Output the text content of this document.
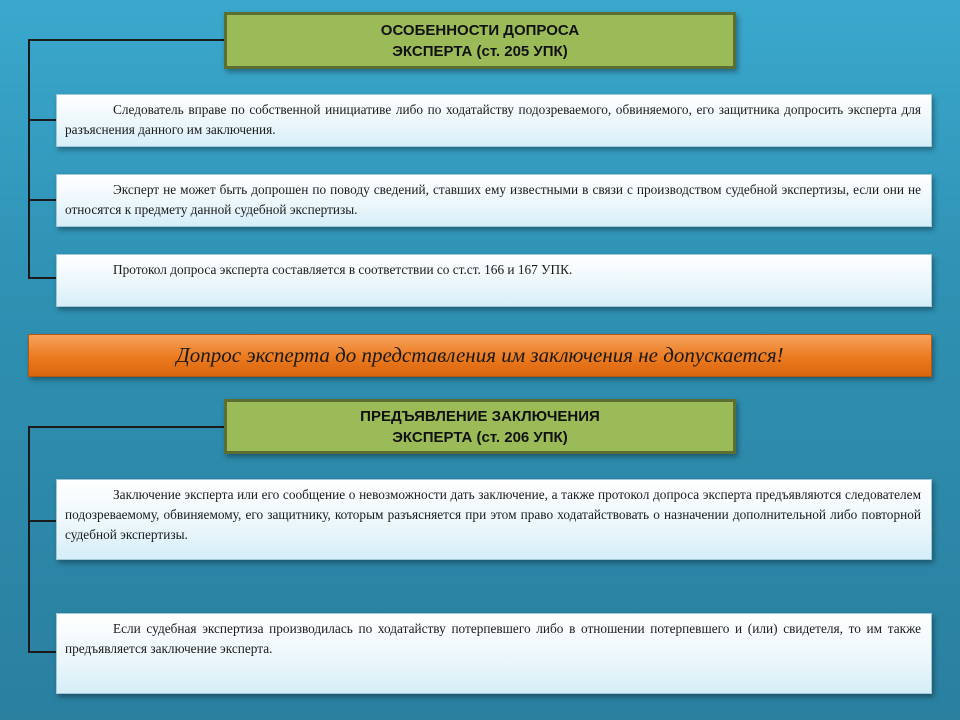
ОСОБЕННОСТИ ДОПРОСА
ЭКСПЕРТА (ст. 205 УПК)
Следователь вправе по собственной инициативе либо по ходатайству подозреваемого, обвиняемого, его защитника допросить эксперта для разъяснения данного им заключения.
Эксперт не может быть допрошен по поводу сведений, ставших ему известными в связи с производством судебной экспертизы, если они не относятся к предмету данной судебной экспертизы.
Протокол допроса эксперта составляется в соответствии со ст.ст. 166 и 167 УПК.
Допрос эксперта до представления им заключения не допускается!
ПРЕДЪЯВЛЕНИЕ ЗАКЛЮЧЕНИЯ
ЭКСПЕРТА (ст. 206 УПК)
Заключение эксперта или его сообщение о невозможности дать заключение, а также протокол допроса эксперта предъявляются следователем подозреваемому, обвиняемому, его защитнику, которым разъясняется при этом право ходатайствовать о назначении дополнительной либо повторной судебной экспертизы.
Если судебная экспертиза производилась по ходатайству потерпевшего либо в отношении потерпевшего и (или) свидетеля, то им также предъявляется заключение эксперта.
